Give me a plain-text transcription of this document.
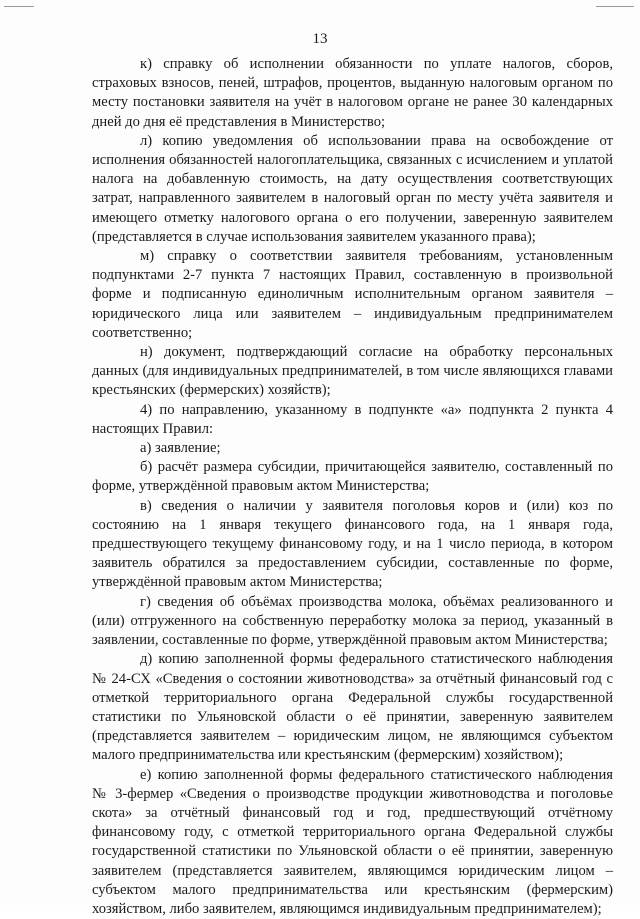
13

к) справку об исполнении обязанности по уплате налогов, сборов, страховых взносов, пеней, штрафов, процентов, выданную налоговым органом по месту постановки заявителя на учёт в налоговом органе не ранее 30 календарных дней до дня её представления в Министерство;

л) копию уведомления об использовании права на освобождение от исполнения обязанностей налогоплательщика, связанных с исчислением и уплатой налога на добавленную стоимость, на дату осуществления соответствующих затрат, направленного заявителем в налоговый орган по месту учёта заявителя и имеющего отметку налогового органа о его получении, заверенную заявителем (представляется в случае использования заявителем указанного права);

м) справку о соответствии заявителя требованиям, установленным подпунктами 2-7 пункта 7 настоящих Правил, составленную в произвольной форме и подписанную единоличным исполнительным органом заявителя – юридического лица или заявителем – индивидуальным предпринимателем соответственно;

н) документ, подтверждающий согласие на обработку персональных данных (для индивидуальных предпринимателей, в том числе являющихся главами крестьянских (фермерских) хозяйств);

4) по направлению, указанному в подпункте «а» подпункта 2 пункта 4 настоящих Правил:

а) заявление;

б) расчёт размера субсидии, причитающейся заявителю, составленный по форме, утверждённой правовым актом Министерства;

в) сведения о наличии у заявителя поголовья коров и (или) коз по состоянию на 1 января текущего финансового года, на 1 января года, предшествующего текущему финансовому году, и на 1 число периода, в котором заявитель обратился за предоставлением субсидии, составленные по форме, утверждённой правовым актом Министерства;

г) сведения об объёмах производства молока, объёмах реализованного и (или) отгруженного на собственную переработку молока за период, указанный в заявлении, составленные по форме, утверждённой правовым актом Министерства;

д) копию заполненной формы федерального статистического наблюдения № 24-СХ «Сведения о состоянии животноводства» за отчётный финансовый год с отметкой территориального органа Федеральной службы государственной статистики по Ульяновской области о её принятии, заверенную заявителем (представляется заявителем – юридическим лицом, не являющимся субъектом малого предпринимательства или крестьянским (фермерским) хозяйством);

е) копию заполненной формы федерального статистического наблюдения № 3-фермер «Сведения о производстве продукции животноводства и поголовье скота» за отчётный финансовый год и год, предшествующий отчётному финансовому году, с отметкой территориального органа Федеральной службы государственной статистики по Ульяновской области о её принятии, заверенную заявителем (представляется заявителем, являющимся юридическим лицом – субъектом малого предпринимательства или крестьянским (фермерским) хозяйством, либо заявителем, являющимся индивидуальным предпринимателем);
